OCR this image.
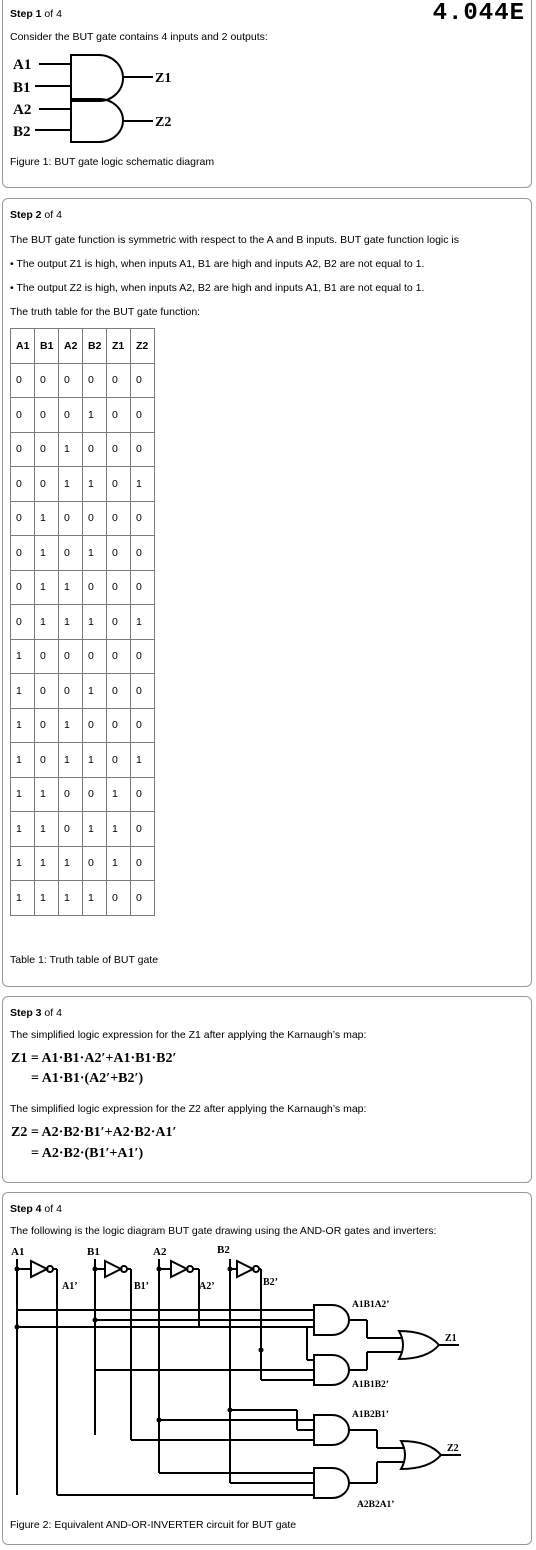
Step 1 of 4	4.044E
Consider the BUT gate contains 4 inputs and 2 outputs:
A1
B1
A2
B2
Z1
Z2
Figure 1: BUT gate logic schematic diagram
Step 2 of 4
The BUT gate function is symmetric with respect to the A and B inputs. BUT gate function logic is
• The output Z1 is high, when inputs A1, B1 are high and inputs A2, B2 are not equal to 1.
• The output Z2 is high, when inputs A2, B2 are high and inputs A1, B1 are not equal to 1.
The truth table for the BUT gate function:
A1	B1	A2	B2	Z1	Z2
0	0	0	0	0	0
0	0	0	1	0	0
0	0	1	0	0	0
0	0	1	1	0	1
0	1	0	0	0	0
0	1	0	1	0	0
0	1	1	0	0	0
0	1	1	1	0	1
1	0	0	0	0	0
1	0	0	1	0	0
1	0	1	0	0	0
1	0	1	1	0	1
1	1	0	0	1	0
1	1	0	1	1	0
1	1	1	0	1	0
1	1	1	1	0	0
Table 1: Truth table of BUT gate
Step 3 of 4
The simplified logic expression for the Z1 after applying the Karnaugh’s map:
Z1 = A1·B1·A2′+A1·B1·B2′
= A1·B1·(A2′+B2′)
The simplified logic expression for the Z2 after applying the Karnaugh’s map:
Z2 = A2·B2·B1′+A2·B2·A1′
= A2·B2·(B1′+A1′)
Step 4 of 4
The following is the logic diagram BUT gate drawing using the AND-OR gates and inverters:
A1	B1	A2	B2
A1’	B1’	A2’	B2’
A1B1A2’
A1B1B2’
A1B2B1’
A2B2A1’
Z1
Z2
Figure 2: Equivalent AND-OR-INVERTER circuit for BUT gate
